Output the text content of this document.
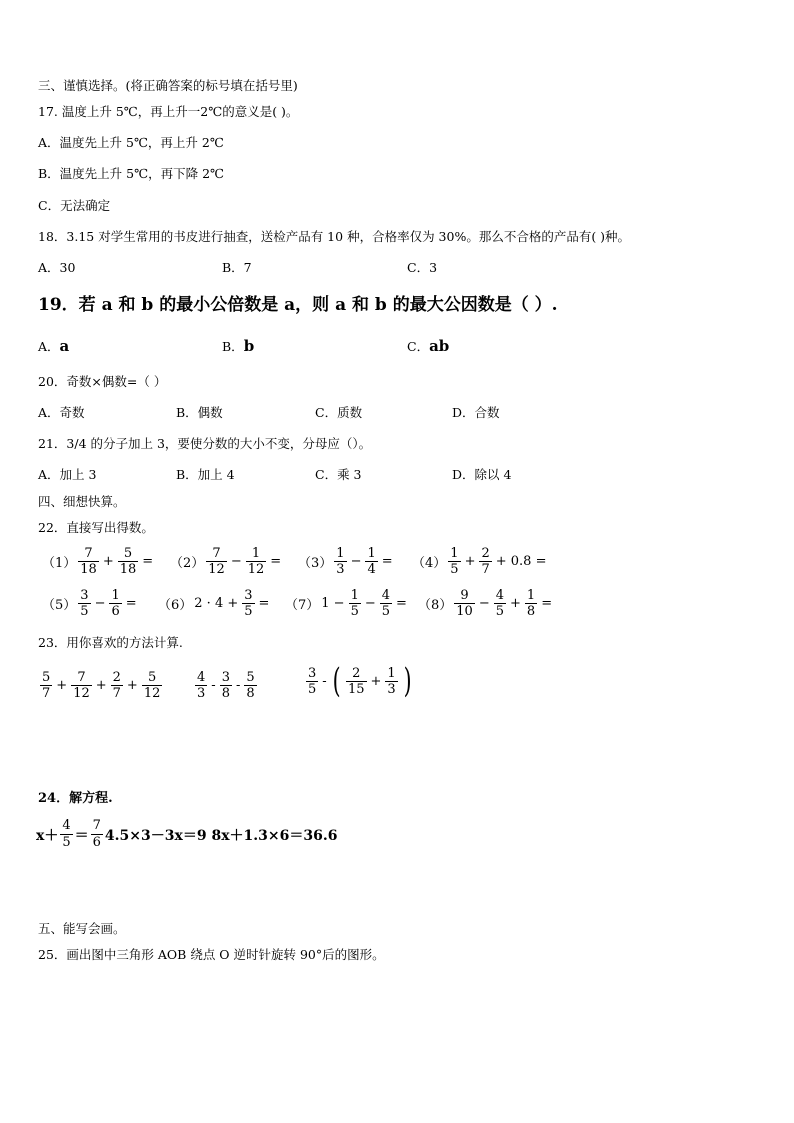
三、谨慎选择。(将正确答案的标号填在括号里)
17. 温度上升 5℃，再上升一2℃的意义是( )。
A．温度先上升 5℃，再上升 2℃
B．温度先上升 5℃，再下降 2℃
C．无法确定
18．3.15 对学生常用的书皮进行抽查，送检产品有 10 种，合格率仅为 30%。那么不合格的产品有( )种。
A．30	B．7	C．3
19．若 a 和 b 的最小公倍数是 a，则 a 和 b 的最大公因数是（ ）.
A．a	B．b	C．ab
20．奇数×偶数=（ ）
A．奇数	B．偶数	C．质数	D．合数
21．3/4 的分子加上 3，要使分数的大小不变，分母应（）。
A．加上 3	B．加上 4	C．乘 3	D．除以 4
四、细想快算。
22．直接写出得数。
$(1) \frac{7}{18} + \frac{5}{18} = (2) \frac{7}{12} - \frac{1}{12} = (3) \frac{1}{3} - \frac{1}{4} = (4) \frac{1}{5} + \frac{2}{7} + 0.8$ =
$(5) \frac{3}{5} - \frac{1}{6} = (6) 2 \cdot 4 + \frac{3}{5} = (7) 1 - \frac{1}{5} - \frac{4}{5} = (8) \frac{9}{10} - \frac{4}{5} + \frac{1}{8}$ =
23．用你喜欢的方法计算.
$\frac{5}{7} + \frac{7}{12} + \frac{2}{7} + \frac{5}{12}$	$\frac{4}{3} - \frac{3}{8} - \frac{5}{8}$	$\frac{3}{5}$ - ( $\frac{2}{15} + \frac{1}{3}$ )
24．解方程.
$x+ \frac{4}{5} = \frac{7}{6} 4.5\times 3-3x=9$ 8x＋1.3×6＝36.6
五、能写会画。
25．画出图中三角形 AOB 绕点 O 逆时针旋转 90°后的图形。
